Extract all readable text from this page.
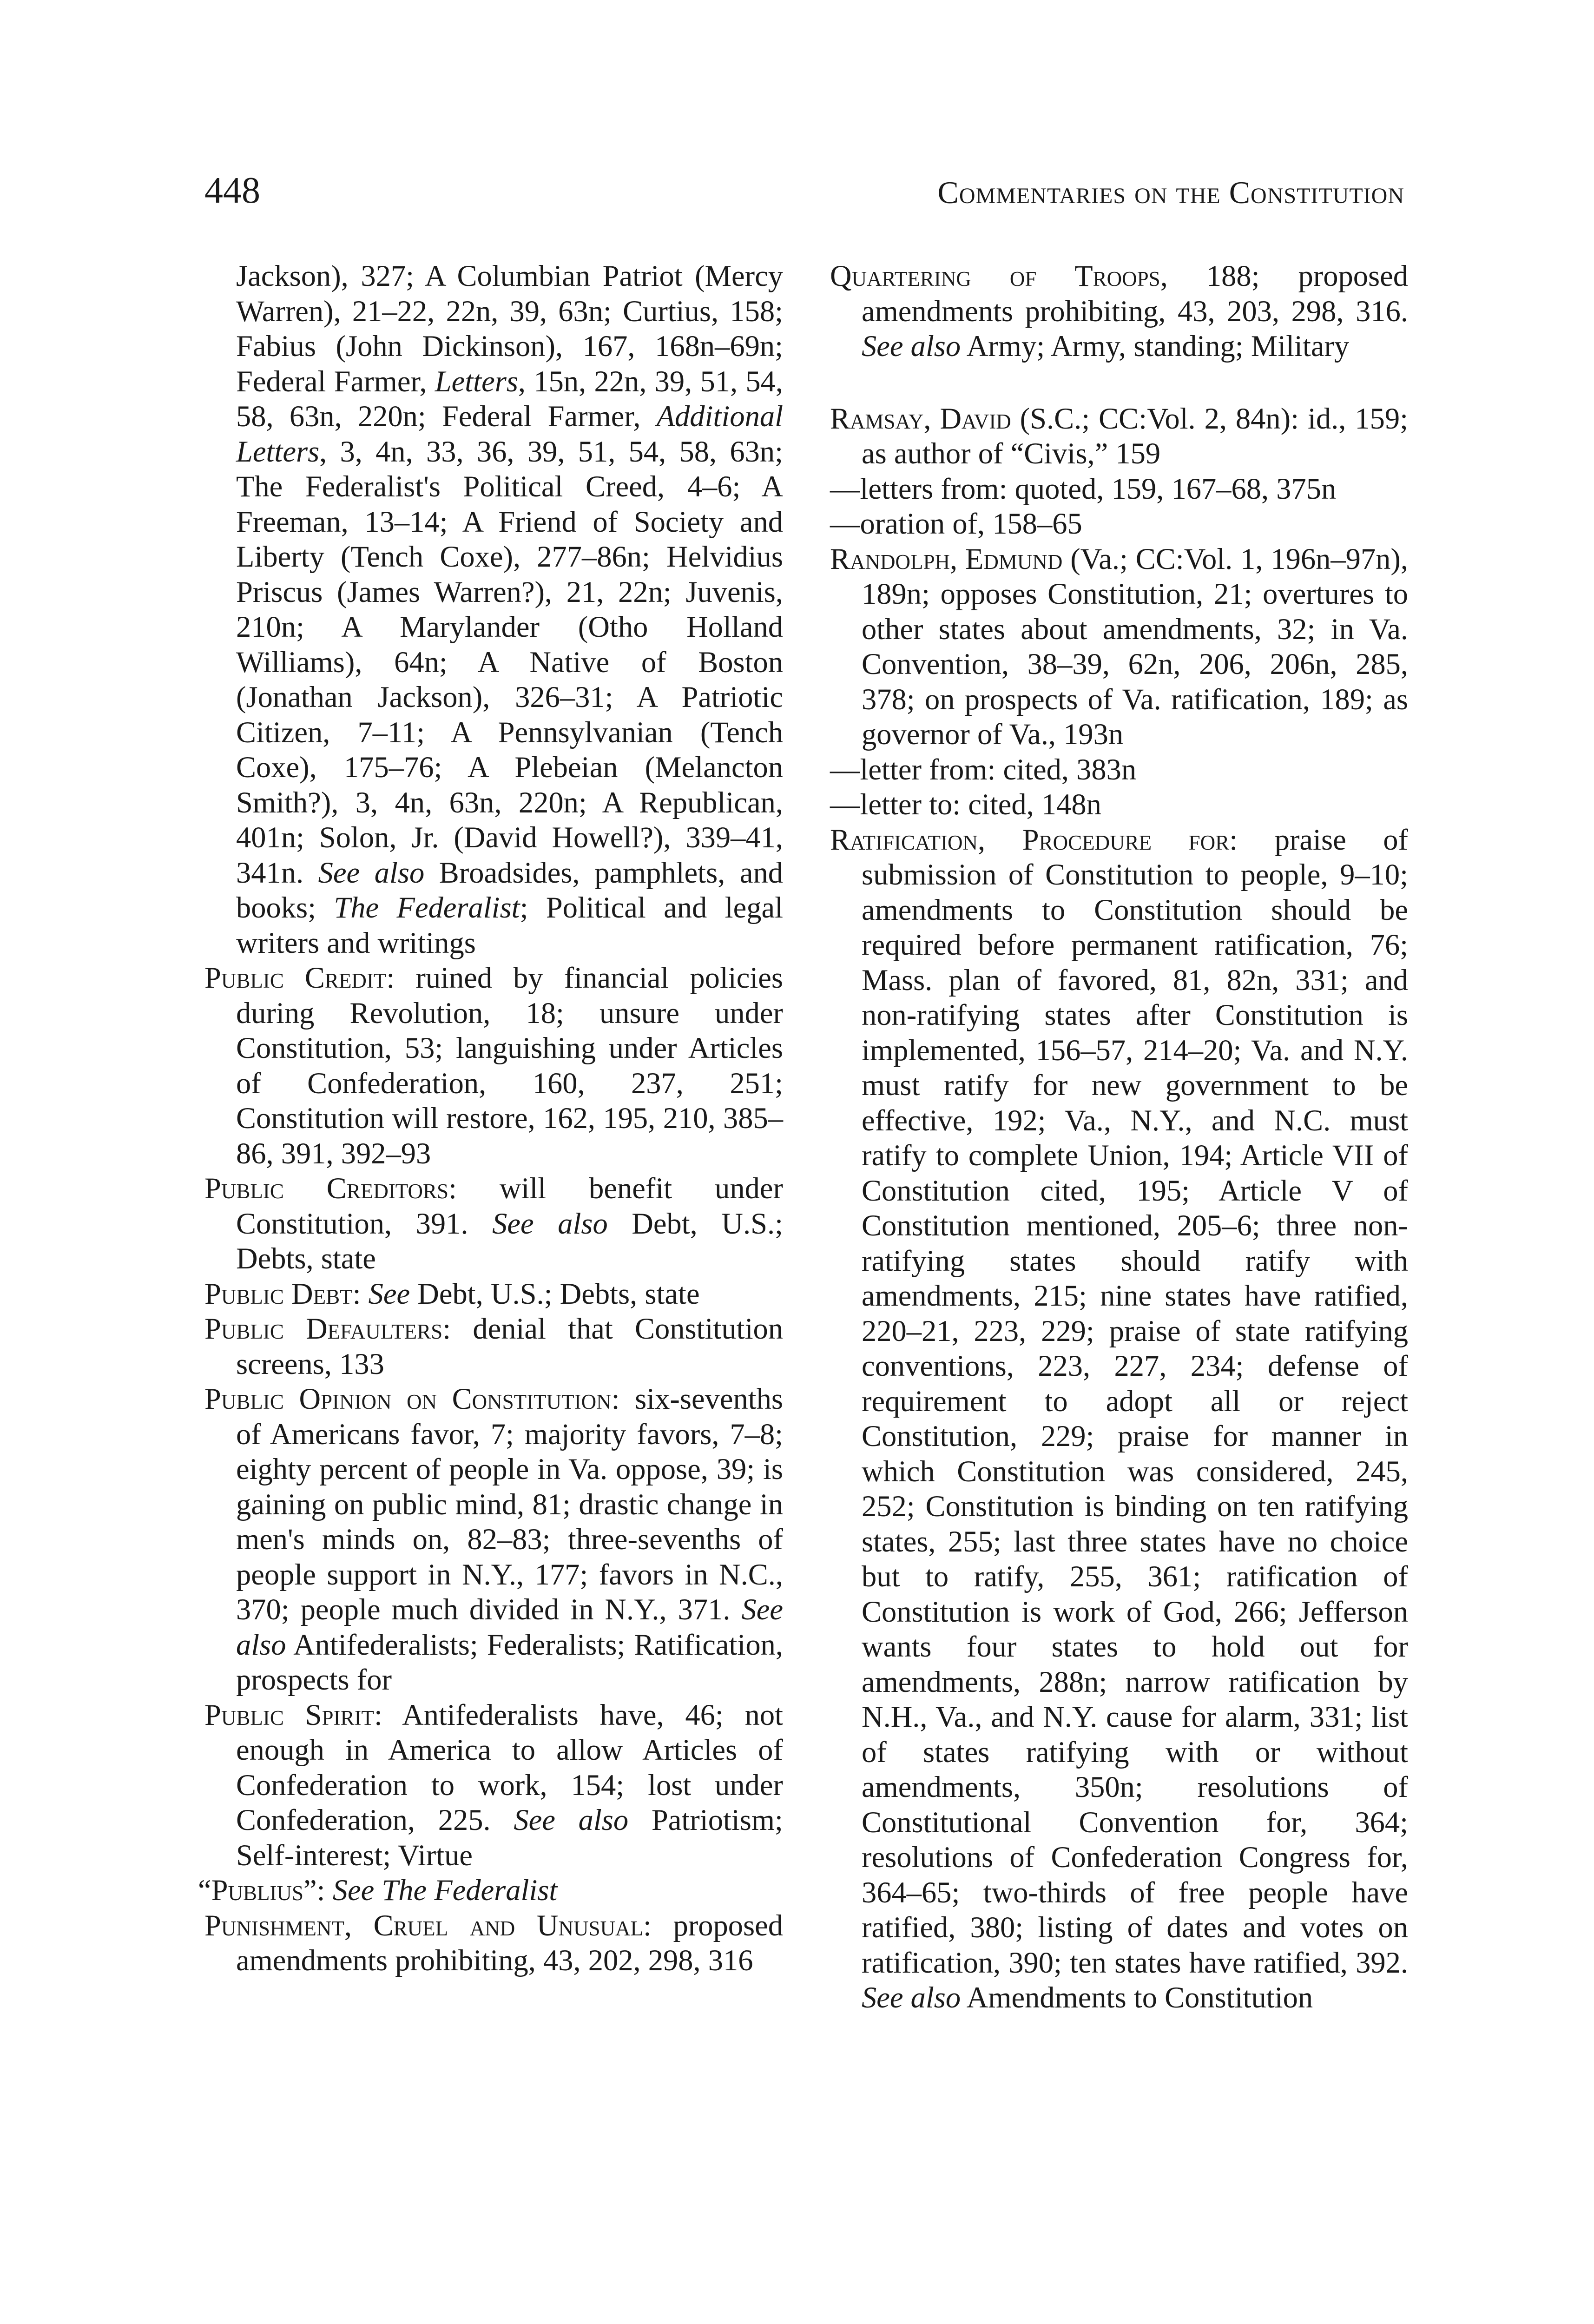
448	Commentaries on the Constitution
Jackson), 327; A Columbian Patriot (Mercy Warren), 21–22, 22n, 39, 63n; Curtius, 158; Fabius (John Dickinson), 167, 168n–69n; Federal Farmer, Letters, 15n, 22n, 39, 51, 54, 58, 63n, 220n; Federal Farmer, Additional Letters, 3, 4n, 33, 36, 39, 51, 54, 58, 63n; The Federalist's Political Creed, 4–6; A Freeman, 13–14; A Friend of Society and Liberty (Tench Coxe), 277–86n; Helvidius Priscus (James Warren?), 21, 22n; Juvenis, 210n; A Marylander (Otho Holland Williams), 64n; A Native of Boston (Jonathan Jackson), 326–31; A Patriotic Citizen, 7–11; A Pennsylvanian (Tench Coxe), 175–76; A Plebeian (Melancton Smith?), 3, 4n, 63n, 220n; A Republican, 401n; Solon, Jr. (David Howell?), 339–41, 341n. See also Broadsides, pamphlets, and books; The Federalist; Political and legal writers and writings
Public Credit: ruined by financial policies during Revolution, 18; unsure under Constitution, 53; languishing under Articles of Confederation, 160, 237, 251; Constitution will restore, 162, 195, 210, 385–86, 391, 392–93
Public Creditors: will benefit under Constitution, 391. See also Debt, U.S.; Debts, state
Public Debt: See Debt, U.S.; Debts, state
Public Defaulters: denial that Constitution screens, 133
Public Opinion on Constitution: six-sevenths of Americans favor, 7; majority favors, 7–8; eighty percent of people in Va. oppose, 39; is gaining on public mind, 81; drastic change in men's minds on, 82–83; three-sevenths of people support in N.Y., 177; favors in N.C., 370; people much divided in N.Y., 371. See also Antifederalists; Federalists; Ratification, prospects for
Public Spirit: Antifederalists have, 46; not enough in America to allow Articles of Confederation to work, 154; lost under Confederation, 225. See also Patriotism; Self-interest; Virtue
“Publius”: See The Federalist
Punishment, Cruel and Unusual: proposed amendments prohibiting, 43, 202, 298, 316
Quartering of Troops, 188; proposed amendments prohibiting, 43, 203, 298, 316. See also Army; Army, standing; Military
Ramsay, David (S.C.; CC:Vol. 2, 84n): id., 159; as author of “Civis,” 159
—letters from: quoted, 159, 167–68, 375n
—oration of, 158–65
Randolph, Edmund (Va.; CC:Vol. 1, 196n–97n), 189n; opposes Constitution, 21; overtures to other states about amendments, 32; in Va. Convention, 38–39, 62n, 206, 206n, 285, 378; on prospects of Va. ratification, 189; as governor of Va., 193n
—letter from: cited, 383n
—letter to: cited, 148n
Ratification, Procedure for: praise of submission of Constitution to people, 9–10; amendments to Constitution should be required before permanent ratification, 76; Mass. plan of favored, 81, 82n, 331; and non-ratifying states after Constitution is implemented, 156–57, 214–20; Va. and N.Y. must ratify for new government to be effective, 192; Va., N.Y., and N.C. must ratify to complete Union, 194; Article VII of Constitution cited, 195; Article V of Constitution mentioned, 205–6; three non-ratifying states should ratify with amendments, 215; nine states have ratified, 220–21, 223, 229; praise of state ratifying conventions, 223, 227, 234; defense of requirement to adopt all or reject Constitution, 229; praise for manner in which Constitution was considered, 245, 252; Constitution is binding on ten ratifying states, 255; last three states have no choice but to ratify, 255, 361; ratification of Constitution is work of God, 266; Jefferson wants four states to hold out for amendments, 288n; narrow ratification by N.H., Va., and N.Y. cause for alarm, 331; list of states ratifying with or without amendments, 350n; resolutions of Constitutional Convention for, 364; resolutions of Confederation Congress for, 364–65; two-thirds of free people have ratified, 380; listing of dates and votes on ratification, 390; ten states have ratified, 392. See also Amendments to Constitution
